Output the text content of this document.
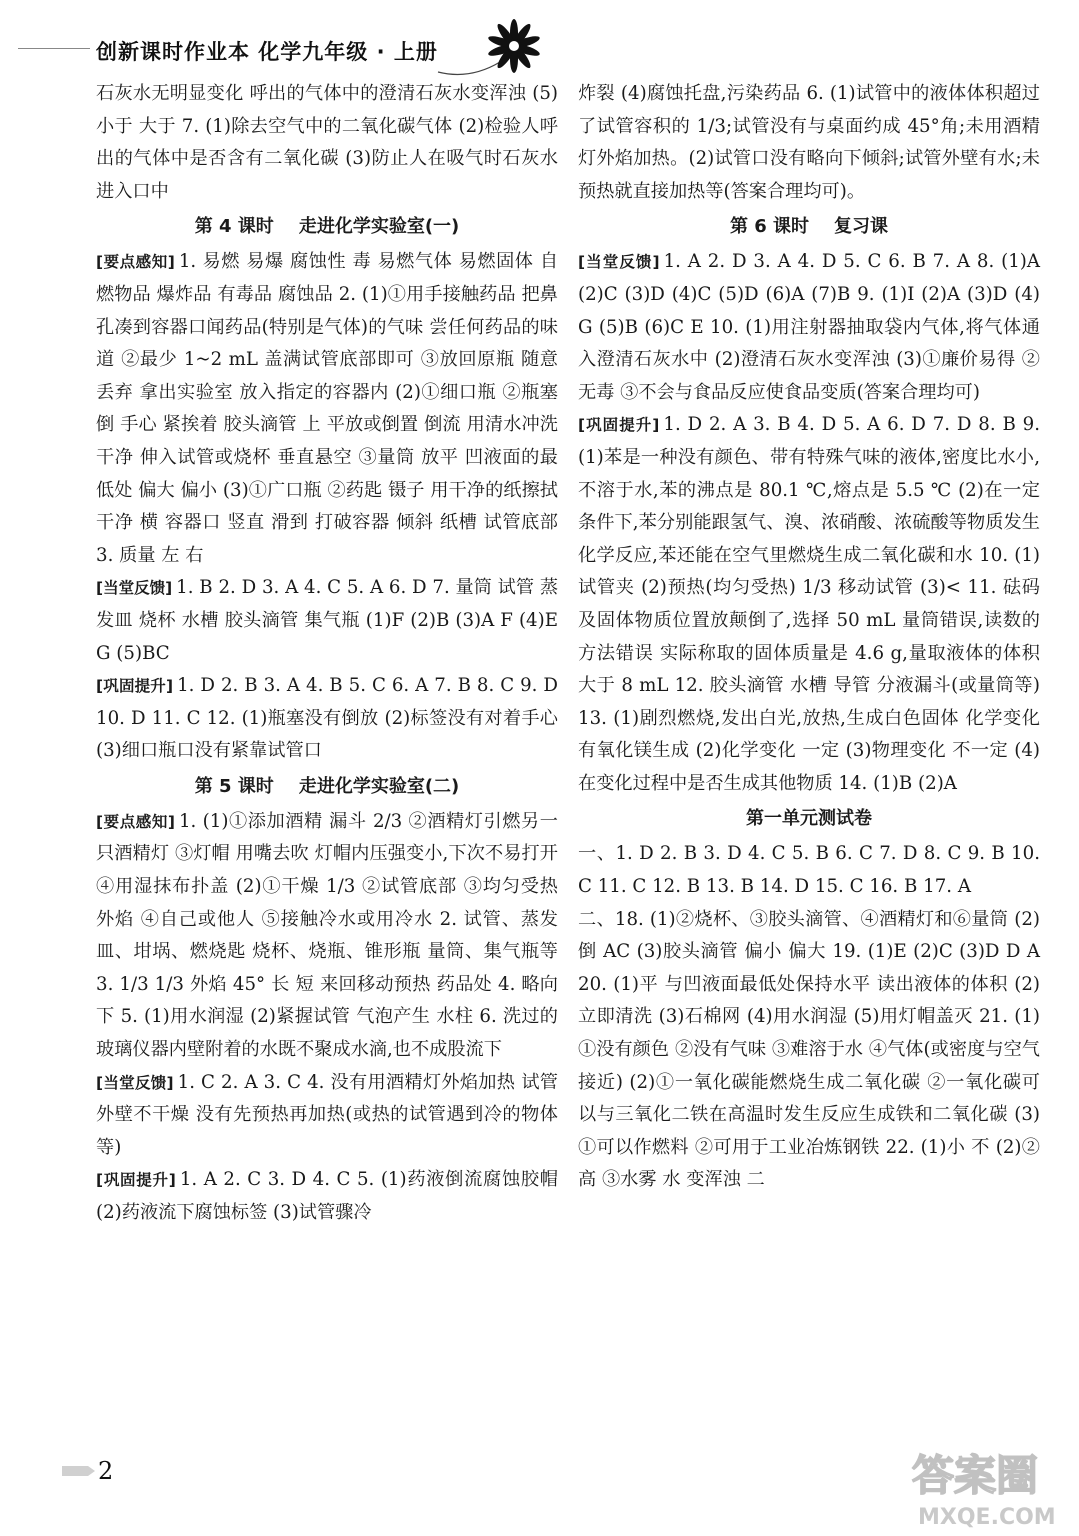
创新课时作业本 化学九年级 · 上册
石灰水无明显变化 呼出的气体中的澄清石灰水变浑浊 (5)小于 大于 7. (1)除去空气中的二氧化碳气体 (2)检验人呼出的气体中是否含有二氧化碳 (3)防止人在吸气时石灰水进入口中
第 4 课时    走进化学实验室(一)
[要点感知] 1. 易燃 易爆 腐蚀性 毒 易燃气体 易燃固体 自燃物品 爆炸品 有毒品 腐蚀品 2. (1)①用手接触药品 把鼻孔凑到容器口闻药品(特别是气体)的气味 尝任何药品的味道 ②最少 1~2 mL 盖满试管底部即可 ③放回原瓶 随意丢弃 拿出实验室 放入指定的容器内 (2)①细口瓶 ②瓶塞 倒 手心 紧挨着 胶头滴管 上 平放或倒置 倒流 用清水冲洗干净 伸入试管或烧杯 垂直悬空 ③量筒 放平 凹液面的最低处 偏大 偏小 (3)①广口瓶 ②药匙 镊子 用干净的纸擦拭干净 横 容器口 竖直 滑到 打破容器 倾斜 纸槽 试管底部 3. 质量 左 右
[当堂反馈] 1. B 2. D 3. A 4. C 5. A 6. D 7. 量筒 试管 蒸发皿 烧杯 水槽 胶头滴管 集气瓶 (1)F (2)B (3)A F (4)E G (5)BC
[巩固提升] 1. D 2. B 3. A 4. B 5. C 6. A 7. B 8. C 9. D 10. D 11. C 12. (1)瓶塞没有倒放 (2)标签没有对着手心 (3)细口瓶口没有紧靠试管口
第 5 课时    走进化学实验室(二)
[要点感知] 1. (1)①添加酒精 漏斗 2/3 ②酒精灯引燃另一只酒精灯 ③灯帽 用嘴去吹 灯帽内压强变小,下次不易打开 ④用湿抹布扑盖 (2)①干燥 1/3 ②试管底部 ③均匀受热 外焰 ④自己或他人 ⑤接触冷水或用冷水 2. 试管、蒸发皿、坩埚、燃烧匙 烧杯、烧瓶、锥形瓶 量筒、集气瓶等 3. 1/3 1/3 外焰 45° 长 短 来回移动预热 药品处 4. 略向下 5. (1)用水润湿 (2)紧握试管 气泡产生 水柱 6. 洗过的玻璃仪器内壁附着的水既不聚成水滴,也不成股流下
[当堂反馈] 1. C 2. A 3. C 4. 没有用酒精灯外焰加热 试管外壁不干燥 没有先预热再加热(或热的试管遇到冷的物体等)
[巩固提升] 1. A 2. C 3. D 4. C 5. (1)药液倒流腐蚀胶帽 (2)药液流下腐蚀标签 (3)试管骤冷
炸裂 (4)腐蚀托盘,污染药品 6. (1)试管中的液体体积超过了试管容积的 1/3;试管没有与桌面约成 45°角;未用酒精灯外焰加热。(2)试管口没有略向下倾斜;试管外壁有水;未预热就直接加热等(答案合理均可)。
第 6 课时    复习课
[当堂反馈] 1. A 2. D 3. A 4. D 5. C 6. B 7. A 8. (1)A (2)C (3)D (4)C (5)D (6)A (7)B 9. (1)I (2)A (3)D (4)G (5)B (6)C E 10. (1)用注射器抽取袋内气体,将气体通入澄清石灰水中 (2)澄清石灰水变浑浊 (3)①廉价易得 ②无毒 ③不会与食品反应使食品变质(答案合理均可)
[巩固提升] 1. D 2. A 3. B 4. D 5. A 6. D 7. D 8. B 9. (1)苯是一种没有颜色、带有特殊气味的液体,密度比水小,不溶于水,苯的沸点是 80.1 ℃,熔点是 5.5 ℃ (2)在一定条件下,苯分别能跟氢气、溴、浓硝酸、浓硫酸等物质发生化学反应,苯还能在空气里燃烧生成二氧化碳和水 10. (1)试管夹 (2)预热(均匀受热) 1/3 移动试管 (3)< 11. 砝码及固体物质位置放颠倒了,选择 50 mL 量筒错误,读数的方法错误 实际称取的固体质量是 4.6 g,量取液体的体积大于 8 mL 12. 胶头滴管 水槽 导管 分液漏斗(或量筒等) 13. (1)剧烈燃烧,发出白光,放热,生成白色固体 化学变化 有氧化镁生成 (2)化学变化 一定 (3)物理变化 不一定 (4)在变化过程中是否生成其他物质 14. (1)B (2)A
第一单元测试卷
一、1. D 2. B 3. D 4. C 5. B 6. C 7. D 8. C 9. B 10. C 11. C 12. B 13. B 14. D 15. C 16. B 17. A
二、18. (1)②烧杯、③胶头滴管、④酒精灯和⑥量筒 (2)倒 AC (3)胶头滴管 偏小 偏大 19. (1)E (2)C (3)D D A 20. (1)平 与凹液面最低处保持水平 读出液体的体积 (2)立即清洗 (3)石棉网 (4)用水润湿 (5)用灯帽盖灭 21. (1)①没有颜色 ②没有气味 ③难溶于水 ④气体(或密度与空气接近) (2)①一氧化碳能燃烧生成二氧化碳 ②一氧化碳可以与三氧化二铁在高温时发生反应生成铁和二氧化碳 (3)①可以作燃料 ②可用于工业冶炼钢铁 22. (1)小 不 (2)②高 ③水雾 水 变浑浊 二
2	答案圈
MXQE.COM
